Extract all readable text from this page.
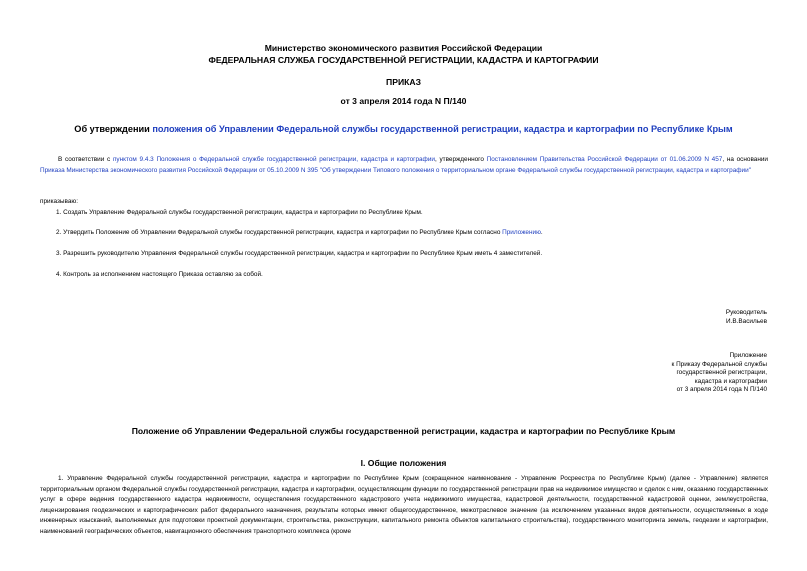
Министерство экономического развития Российской Федерации
ФЕДЕРАЛЬНАЯ СЛУЖБА ГОСУДАРСТВЕННОЙ РЕГИСТРАЦИИ, КАДАСТРА И КАРТОГРАФИИ
ПРИКАЗ
от 3 апреля 2014 года N П/140
Об утверждении положения об Управлении Федеральной службы государственной регистрации, кадастра и картографии по Республике Крым
В соответствии с пунктом 9.4.3 Положения о Федеральной службе государственной регистрации, кадастра и картографии, утвержденного Постановлением Правительства Российской Федерации от 01.06.2009 N 457, на основании Приказа Министерства экономического развития Российской Федерации от 05.10.2009 N 395 "Об утверждении Типового положения о территориальном органе Федеральной службы государственной регистрации, кадастра и картографии"
приказываю:
1. Создать Управление Федеральной службы государственной регистрации, кадастра и картографии по Республике Крым.
2. Утвердить Положение об Управлении Федеральной службы государственной регистрации, кадастра и картографии по Республике Крым согласно Приложению.
3. Разрешить руководителю Управления Федеральной службы государственной регистрации, кадастра и картографии по Республике Крым иметь 4 заместителей.
4. Контроль за исполнением настоящего Приказа оставляю за собой.
Руководитель
И.В.Васильев
Приложение
к Приказу Федеральной службы
государственной регистрации,
кадастра и картографии
от 3 апреля 2014 года N П/140
Положение об Управлении Федеральной службы государственной регистрации, кадастра и картографии по Республике Крым
I. Общие положения
1. Управление Федеральной службы государственной регистрации, кадастра и картографии по Республике Крым (сокращенное наименование - Управление Росреестра по Республике Крым) (далее - Управление) является территориальным органом Федеральной службы государственной регистрации, кадастра и картографии, осуществляющим функции по государственной регистрации прав на недвижимое имущество и сделок с ним, оказанию государственных услуг в сфере ведения государственного кадастра недвижимости, осуществления государственного кадастрового учета недвижимого имущества, кадастровой деятельности, государственной кадастровой оценки, землеустройства, лицензирования геодезических и картографических работ федерального назначения, результаты которых имеют общегосударственное, межотраслевое значение (за исключением указанных видов деятельности, осуществляемых в ходе инженерных изысканий, выполняемых для подготовки проектной документации, строительства, реконструкции, капитального ремонта объектов капитального строительства), государственного мониторинга земель, геодезии и картографии, наименований географических объектов, навигационного обеспечения транспортного комплекса (кроме
